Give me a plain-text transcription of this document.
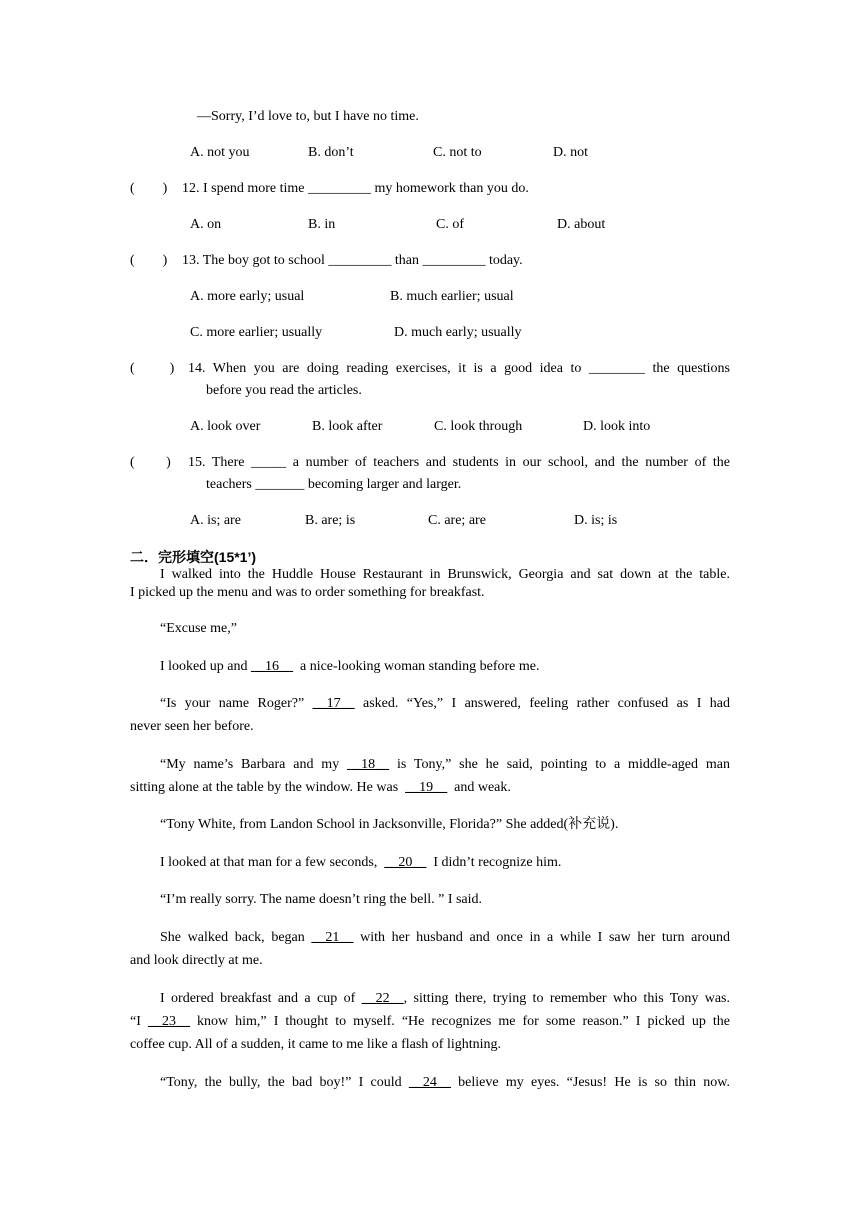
—Sorry, I’d love to, but I have no time.
A. not you	B. don’t	C. not to	D. not
(        ) 12. I spend more time _________ my homework than you do.
A. on	B. in	C. of	D. about
(        ) 13. The boy got to school _________ than _________ today.
A. more early; usual	B. much earlier; usual
C. more earlier; usually	D. much early; usually
(          ) 14. When you are doing reading exercises, it is a good idea to ________ the questions
before you read the articles.
A. look over	B. look after	C. look through	D. look into
(         ) 15. There _____ a number of teachers and students in our school, and the number of the
teachers _______ becoming larger and larger.
A. is; are	B. are; is	C. are; are	D. is; is
二．完形填空(15*1’)
I walked into the Huddle House Restaurant in Brunswick, Georgia and sat down at the table.
I picked up the menu and was to order something for breakfast.
“Excuse me,”
I looked up and __16__  a nice-looking woman standing before me.
“Is your name Roger?” __17__ asked. “Yes,” I answered, feeling rather confused as I had
never seen her before.
“My name’s Barbara and my __18__ is Tony,” she he said, pointing to a middle-aged man
sitting alone at the table by the window. He was  __19__  and weak.
“Tony White, from Landon School in Jacksonville, Florida?” She added(补充说).
I looked at that man for a few seconds,  __20__  I didn’t recognize him.
“I’m really sorry. The name doesn’t ring the bell. ” I said.
She walked back, began __21__ with her husband and once in a while I saw her turn around
and look directly at me.
I ordered breakfast and a cup of __22__, sitting there, trying to remember who this Tony was.
“I __23__ know him,” I thought to myself. “He recognizes me for some reason.” I picked up the
coffee cup. All of a sudden, it came to me like a flash of lightning.
“Tony, the bully, the bad boy!” I could __24__ believe my eyes. “Jesus! He is so thin now.
